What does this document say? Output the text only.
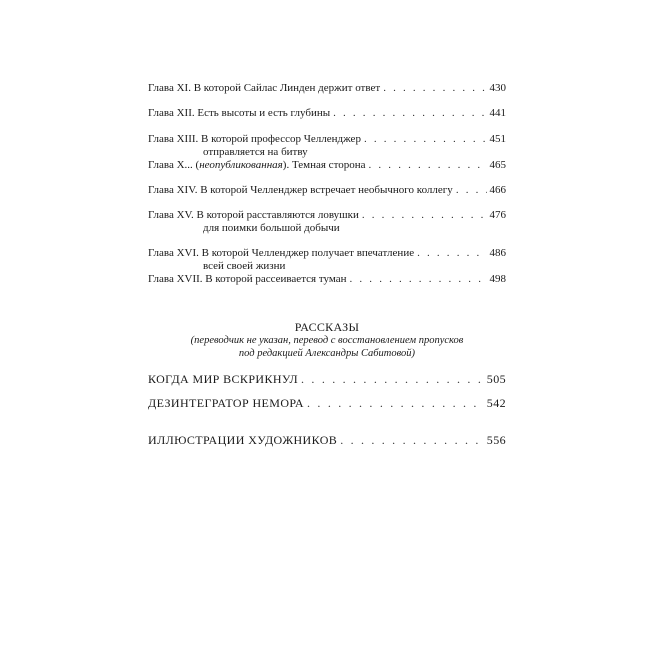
Глава XI. В которой Сайлас Линден держит ответ . . .	430
Глава XII. Есть высоты и есть глубины . . .	441
Глава XIII. В которой профессор Челленджер . . .	451
отправляется на битву
Глава X... (неопубликованная). Темная сторона . . .	465
Глава XIV. В которой Челленджер встречает необычного коллегу . . .	466
Глава XV. В которой расставляются ловушки . . .	476
для поимки большой добычи
Глава XVI. В которой Челленджер получает впечатление . . .	486
всей своей жизни
Глава XVII. В которой рассеивается туман . . .	498
РАССКАЗЫ
(переводчик не указан, перевод с восстановлением пропусков
под редакцией Александры Сабитовой)
КОГДА МИР ВСКРИКНУЛ . . .	505
ДЕЗИНТЕГРАТОР НЕМОРА . . .	542
ИЛЛЮСТРАЦИИ ХУДОЖНИКОВ . . .	556
